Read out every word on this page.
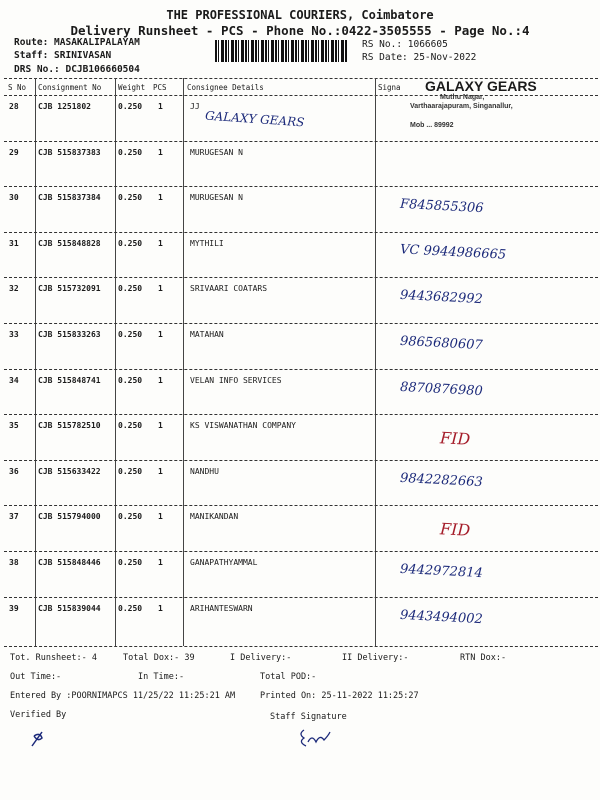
THE PROFESSIONAL COURIERS, Coimbatore
Delivery Runsheet - PCS - Phone No.:0422-3505555 - Page No.:4
Route: MASAKALIPALAYAM
Staff: SRINIVASAN
DRS No.: DCJB106660504
RS No.: 1066605
RS Date: 25-Nov-2022
S No Consignment No Weight PCS	Consignee Details	Signa GALAXY GEARS
Muthu Nagar,
Varthaarajapuram, Singanallur,
Mob ... 89992
28 CJB 1251802	0.250 1	JJ
GALAXY GEARS
29 CJB 515837383 0.250 1	MURUGESAN N
30 CJB 515837384 0.250 1	MURUGESAN N	F845855306
31 CJB 515848828 0.250 1	MYTHILI	VC 9944986665
32 CJB 515732091 0.250 1	SRIVAARI COATARS	9443682992
33 CJB 515833263 0.250 1	MATAHAN	9865680607
34 CJB 515848741 0.250 1	VELAN INFO SERVICES	8870876980
35 CJB 515782510 0.250 1	KS VISWANATHAN COMPANY
FID
36 CJB 515633422 0.250 1	NANDHU	9842282663
37 CJB 515794000 0.250 1	MANIKANDAN
FID
38 CJB 515848446 0.250 1	GANAPATHYAMMAL	9442972814
39 CJB 515839044 0.250 1	ARIHANTESWARN	9443494002
Tot. Runsheet:- 4	Total Dox:- 39	I Delivery:-	II Delivery:-	RTN Dox:-
Out Time:-	In Time:-	Total POD:-
Entered By :POORNIMAPCS 11/25/22 11:25:21 AM	Printed On: 25-11-2022 11:25:27
Verified By	Staff Signature
